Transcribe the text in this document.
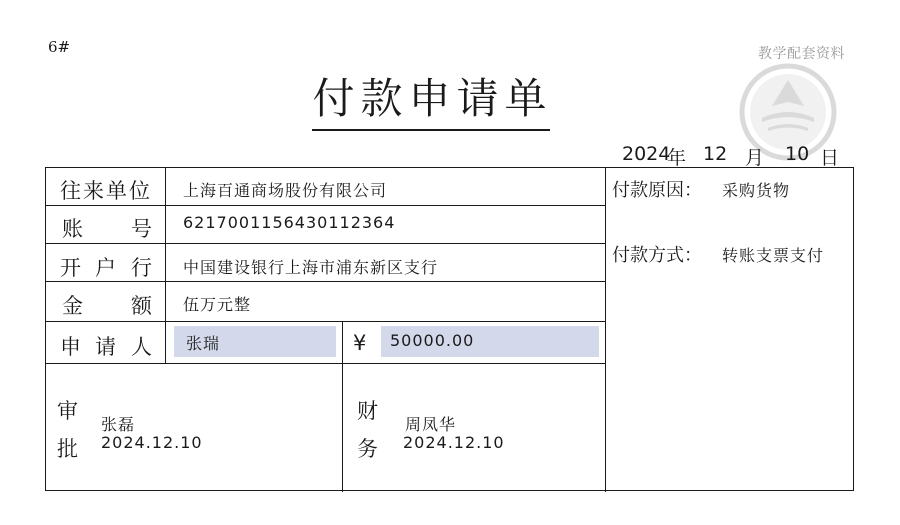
6#	教学配套资料
付款申请单
2024
年 12 月 10 日
往来单位 上海百通商场股份有限公司
账 号 6217001156430112364
开 户 行 中国建设银行上海市浦东新区支行
金 额 伍万元整
申 请 人 张瑞	¥ 50000.00
审
批
张磊
2024.12.10
财
务
周凤华
2024.12.10
付款原因： 采购货物
付款方式： 转账支票支付
